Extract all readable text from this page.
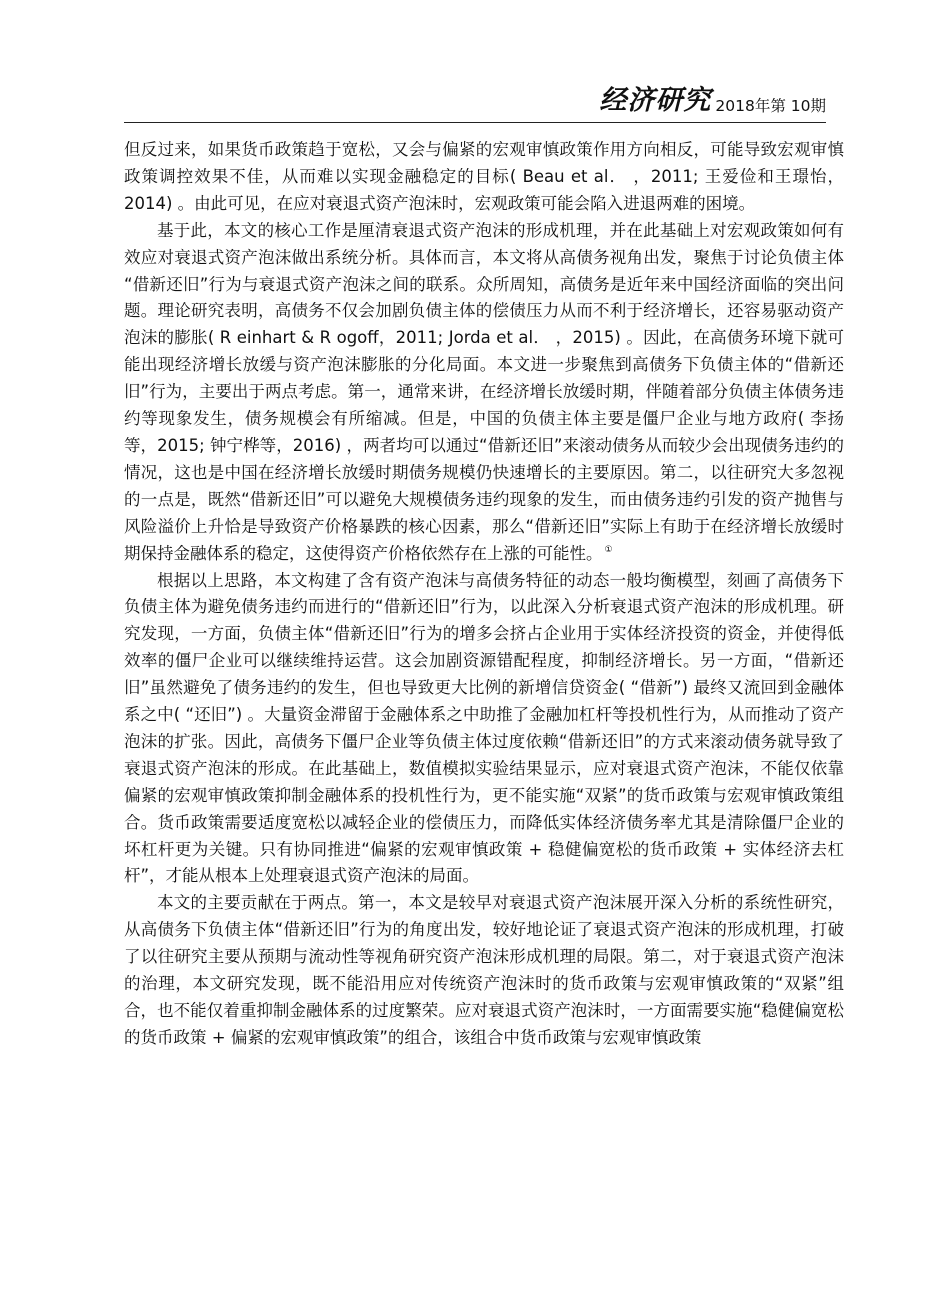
经济研究 2018年第 10期

但反过来，如果货币政策趋于宽松，又会与偏紧的宏观审慎政策作用方向相反，可能导致宏观审慎政策调控效果不佳，从而难以实现金融稳定的目标( Beau et al． ，2011; 王爱俭和王璟怡，2014) 。由此可见，在应对衰退式资产泡沫时，宏观政策可能会陷入进退两难的困境。

基于此，本文的核心工作是厘清衰退式资产泡沫的形成机理，并在此基础上对宏观政策如何有效应对衰退式资产泡沫做出系统分析。具体而言，本文将从高债务视角出发，聚焦于讨论负债主体 “借新还旧”行为与衰退式资产泡沫之间的联系。众所周知，高债务是近年来中国经济面临的突出问题。理论研究表明，高债务不仅会加剧负债主体的偿债压力从而不利于经济增长，还容易驱动资产泡沫的膨胀( R einhart & R ogoff，2011; Jorda et al． ，2015) 。因此，在高债务环境下就可能出现经济增长放缓与资产泡沫膨胀的分化局面。本文进一步聚焦到高债务下负债主体的“借新还旧”行为，主要出于两点考虑。第一，通常来讲，在经济增长放缓时期，伴随着部分负债主体债务违约等现象发生，债务规模会有所缩减。但是，中国的负债主体主要是僵尸企业与地方政府( 李扬等，2015; 钟宁桦等，2016) ，两者均可以通过“借新还旧”来滚动债务从而较少会出现债务违约的情况，这也是中国在经济增长放缓时期债务规模仍快速增长的主要原因。第二，以往研究大多忽视的一点是，既然“借新还旧”可以避免大规模债务违约现象的发生，而由债务违约引发的资产抛售与风险溢价上升恰是导致资产价格暴跌的核心因素，那么“借新还旧”实际上有助于在经济增长放缓时期保持金融体系的稳定，这使得资产价格依然存在上涨的可能性。 ①

根据以上思路，本文构建了含有资产泡沫与高债务特征的动态一般均衡模型，刻画了高债务下负债主体为避免债务违约而进行的“借新还旧”行为，以此深入分析衰退式资产泡沫的形成机理。研究发现，一方面，负债主体“借新还旧”行为的增多会挤占企业用于实体经济投资的资金，并使得低效率的僵尸企业可以继续维持运营。这会加剧资源错配程度，抑制经济增长。另一方面，“借新还旧”虽然避免了债务违约的发生，但也导致更大比例的新增信贷资金( “借新”) 最终又流回到金融体系之中( “还旧”) 。大量资金滞留于金融体系之中助推了金融加杠杆等投机性行为，从而推动了资产泡沫的扩张。因此，高债务下僵尸企业等负债主体过度依赖“借新还旧”的方式来滚动债务就导致了衰退式资产泡沫的形成。在此基础上，数值模拟实验结果显示，应对衰退式资产泡沫，不能仅依靠偏紧的宏观审慎政策抑制金融体系的投机性行为，更不能实施“双紧”的货币政策与宏观审慎政策组合。货币政策需要适度宽松以减轻企业的偿债压力，而降低实体经济债务率尤其是清除僵尸企业的坏杠杆更为关键。只有协同推进“偏紧的宏观审慎政策 + 稳健偏宽松的货币政策 + 实体经济去杠杆”，才能从根本上处理衰退式资产泡沫的局面。

本文的主要贡献在于两点。第一，本文是较早对衰退式资产泡沫展开深入分析的系统性研究，从高债务下负债主体“借新还旧”行为的角度出发，较好地论证了衰退式资产泡沫的形成机理，打破了以往研究主要从预期与流动性等视角研究资产泡沫形成机理的局限。第二，对于衰退式资产泡沫的治理，本文研究发现，既不能沿用应对传统资产泡沫时的货币政策与宏观审慎政策的“双紧”组合，也不能仅着重抑制金融体系的过度繁荣。应对衰退式资产泡沫时，一方面需要实施“稳健偏宽松的货币政策 + 偏紧的宏观审慎政策”的组合，该组合中货币政策与宏观审慎政策
